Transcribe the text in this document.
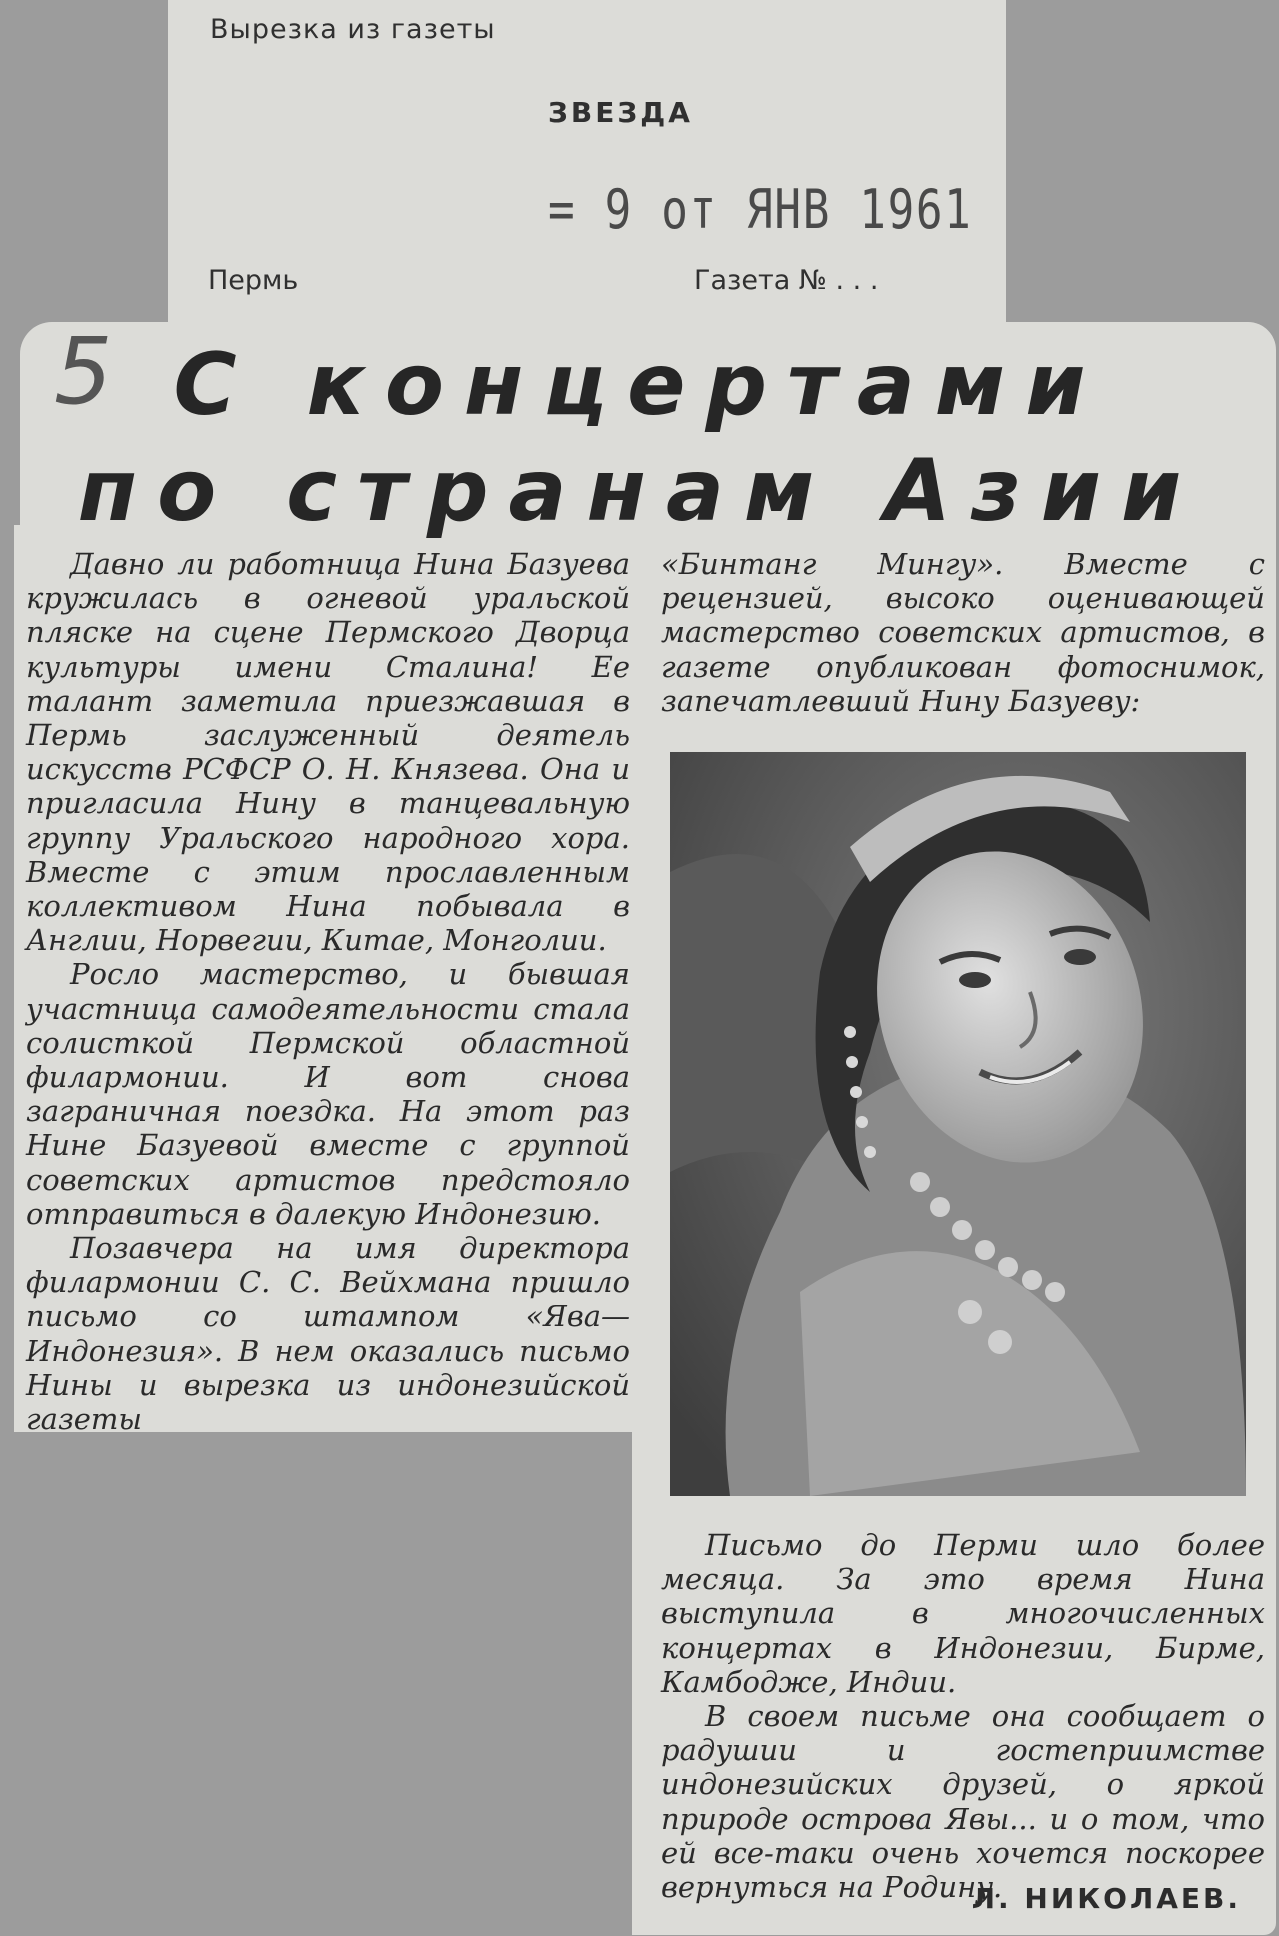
Вырезка из газеты
ЗВЕЗДА
= 9 от ЯНВ 1961
Пермь	Газета № . . .
5 С концертами
по странам Азии

Давно ли работница Нина Базуева кружилась в огневой уральской пляске на сцене Пермского Дворца культуры имени Сталина! Ее талант заметила приезжавшая в Пермь заслуженный деятель искусств РСФСР О. Н. Князева. Она и пригласила Нину в танцевальную группу Уральского народного хора. Вместе с этим прославленным коллективом Нина побывала в Англии, Норвегии, Китае, Монголии.

Росло мастерство, и бывшая участница самодеятельности стала солисткой Пермской областной филармонии. И вот снова заграничная поездка. На этот раз Нине Базуевой вместе с группой советских артистов предстояло отправиться в далекую Индонезию.

Позавчера на имя директора филармонии С. С. Вейхмана пришло письмо со штампом «Ява—Индонезия». В нем оказались письмо Нины и вырезка из индонезийской газеты

«Бинтанг Мингу». Вместе с рецензией, высоко оценивающей мастерство советских артистов, в газете опубликован фотоснимок, запечатлевший Нину Базуеву:

Письмо до Перми шло более месяца. За это время Нина выступила в многочисленных концертах в Индонезии, Бирме, Камбодже, Индии.

В своем письме она сообщает о радушии и гостеприимстве индонезийских друзей, о яркой природе острова Явы... и о том, что ей все-таки очень хочется поскорее вернуться на Родину.

Л. НИКОЛАЕВ.
